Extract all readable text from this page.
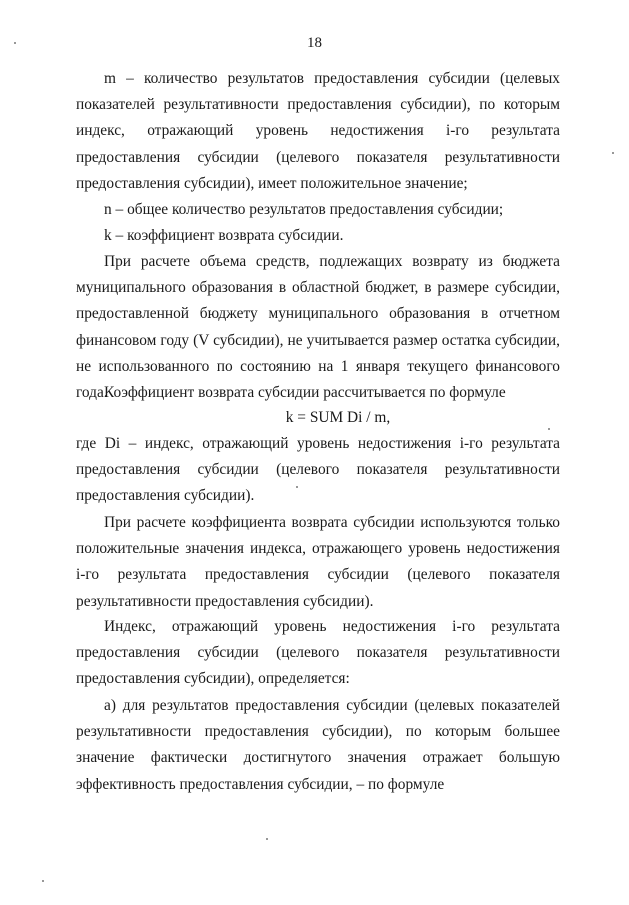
18

m – количество результатов предоставления субсидии (целевых показателей результативности предоставления субсидии), по которым индекс, отражающий уровень недостижения i-го результата предоставления субсидии (целевого показателя результативности предоставления субсидии), имеет положительное значение;

n – общее количество результатов предоставления субсидии;

k – коэффициент возврата субсидии.

При расчете объема средств, подлежащих возврату из бюджета муниципального образования в областной бюджет, в размере субсидии, предоставленной бюджету муниципального образования в отчетном финансовом году (V субсидии), не учитывается размер остатка субсидии, не использованного по состоянию на 1 января текущего финансового года.

Коэффициент возврата субсидии рассчитывается по формуле

k = SUM Di / m,

где Di – индекс, отражающий уровень недостижения i-го результата предоставления субсидии (целевого показателя результативности предоставления субсидии).

При расчете коэффициента возврата субсидии используются только положительные значения индекса, отражающего уровень недостижения i-го результата предоставления субсидии (целевого показателя результативности предоставления субсидии).

Индекс, отражающий уровень недостижения i-го результата предоставления субсидии (целевого показателя результативности предоставления субсидии), определяется:

а) для результатов предоставления субсидии (целевых показателей результативности предоставления субсидии), по которым большее значение фактически достигнутого значения отражает большую эффективность предоставления субсидии, – по формуле
